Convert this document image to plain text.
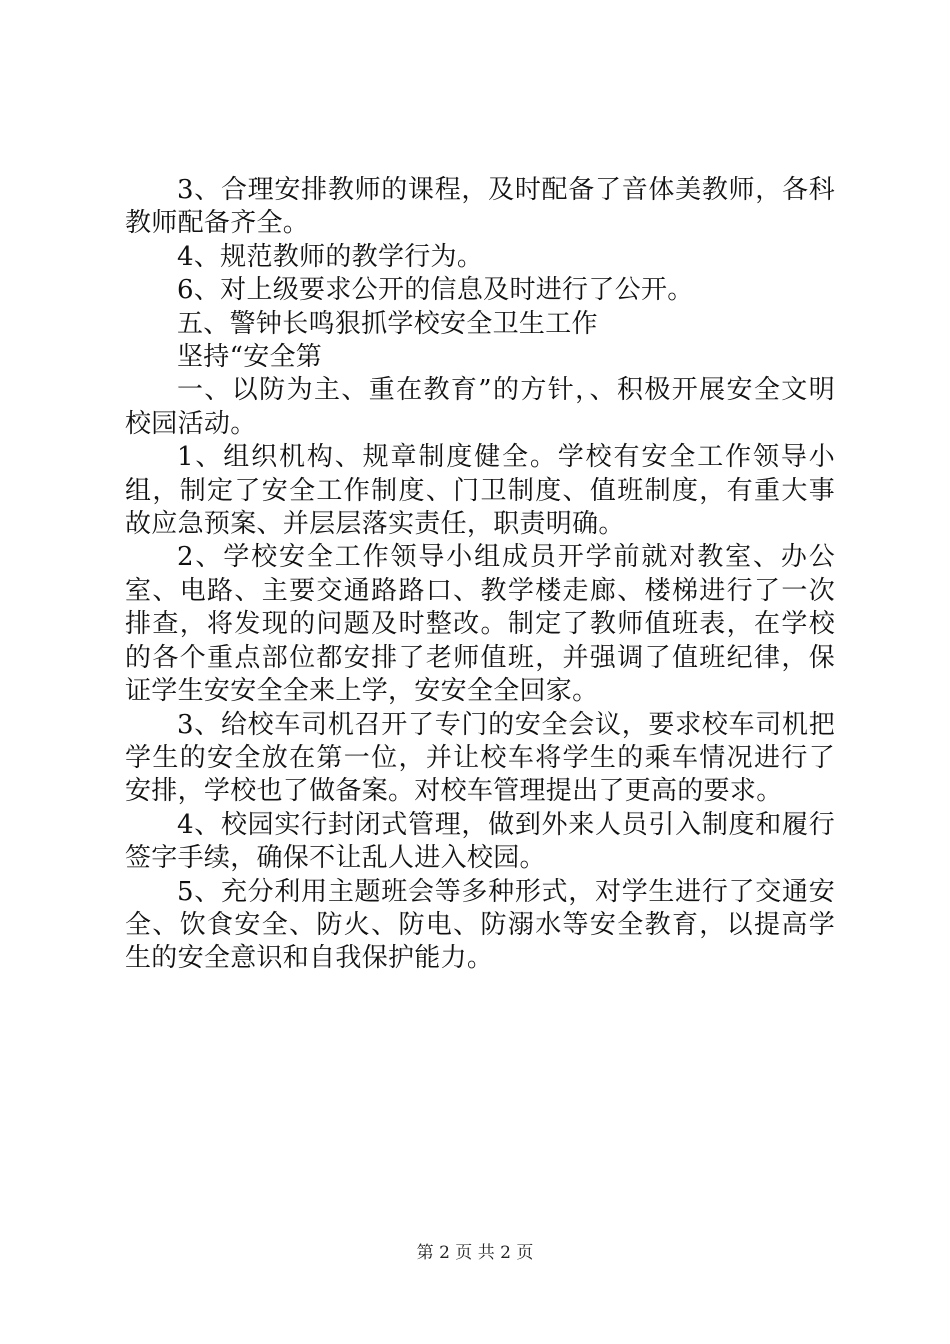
3、合理安排教师的课程，及时配备了音体美教师，各科教师配备齐全。

4、规范教师的教学行为。

6、对上级要求公开的信息及时进行了公开。

五、警钟长鸣狠抓学校安全卫生工作

坚持“安全第

一、以防为主、重在教育”的方针，、积极开展安全文明校园活动。

1、组织机构、规章制度健全。学校有安全工作领导小组，制定了安全工作制度、门卫制度、值班制度，有重大事故应急预案、并层层落实责任，职责明确。

2、学校安全工作领导小组成员开学前就对教室、办公室、电路、主要交通路路口、教学楼走廊、楼梯进行了一次排查，将发现的问题及时整改。制定了教师值班表，在学校的各个重点部位都安排了老师值班，并强调了值班纪律，保证学生安安全全来上学，安安全全回家。

3、给校车司机召开了专门的安全会议，要求校车司机把学生的安全放在第一位，并让校车将学生的乘车情况进行了安排，学校也了做备案。对校车管理提出了更高的要求。

4、校园实行封闭式管理，做到外来人员引入制度和履行签字手续，确保不让乱人进入校园。

5、充分利用主题班会等多种形式，对学生进行了交通安全、饮食安全、防火、防电、防溺水等安全教育，以提高学生的安全意识和自我保护能力。

第 2 页 共 2 页
